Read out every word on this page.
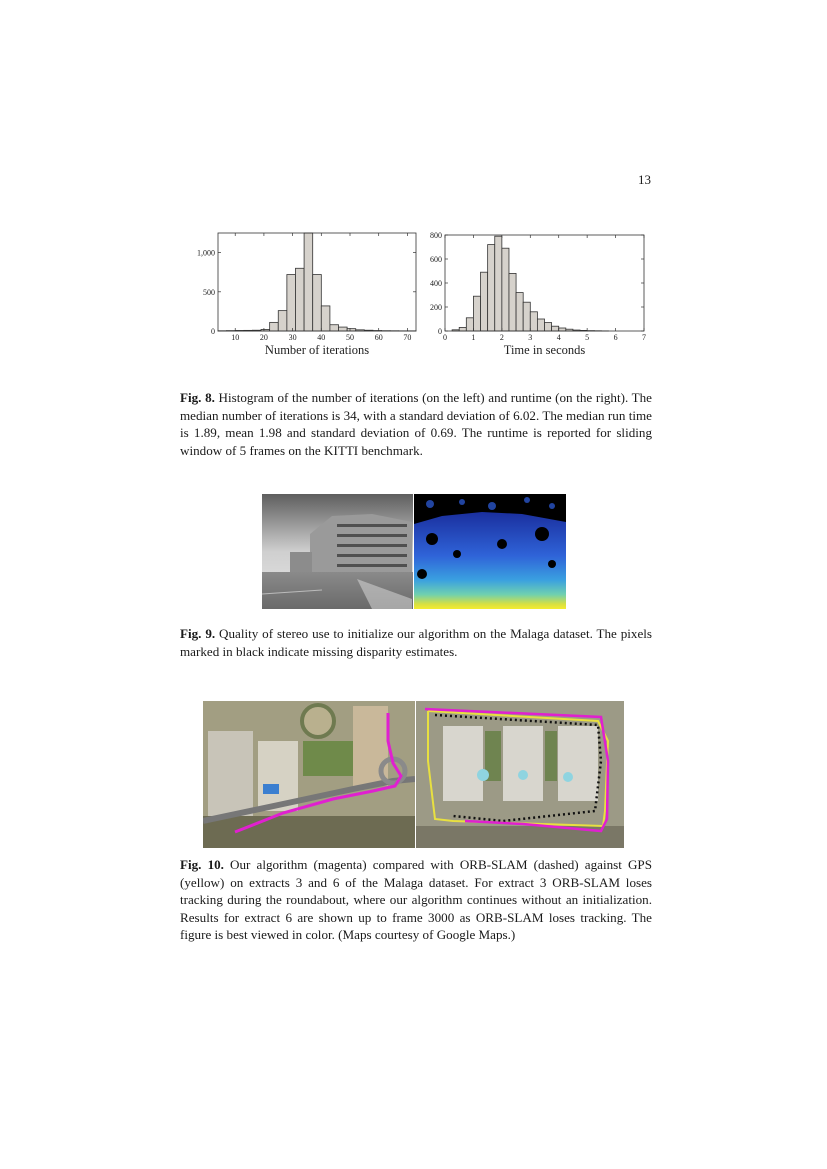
13
10	20	30	40	50	60	70
0
500
1,000
Number of iterations
0	1	2	3	4	5	6	7
0
200
400
600
800
Time in seconds

Fig. 8. Histogram of the number of iterations (on the left) and runtime (on the right). The median number of iterations is 34, with a standard deviation of 6.02. The median run time is 1.89, mean 1.98 and standard deviation of 0.69. The runtime is reported for sliding window of 5 frames on the KITTI benchmark.

Fig. 9. Quality of stereo use to initialize our algorithm on the Malaga dataset. The pixels marked in black indicate missing disparity estimates.

Fig. 10. Our algorithm (magenta) compared with ORB-SLAM (dashed) against GPS (yellow) on extracts 3 and 6 of the Malaga dataset. For extract 3 ORB-SLAM loses tracking during the roundabout, where our algorithm continues without an initialization. Results for extract 6 are shown up to frame 3000 as ORB-SLAM loses tracking. The figure is best viewed in color. (Maps courtesy of Google Maps.)
